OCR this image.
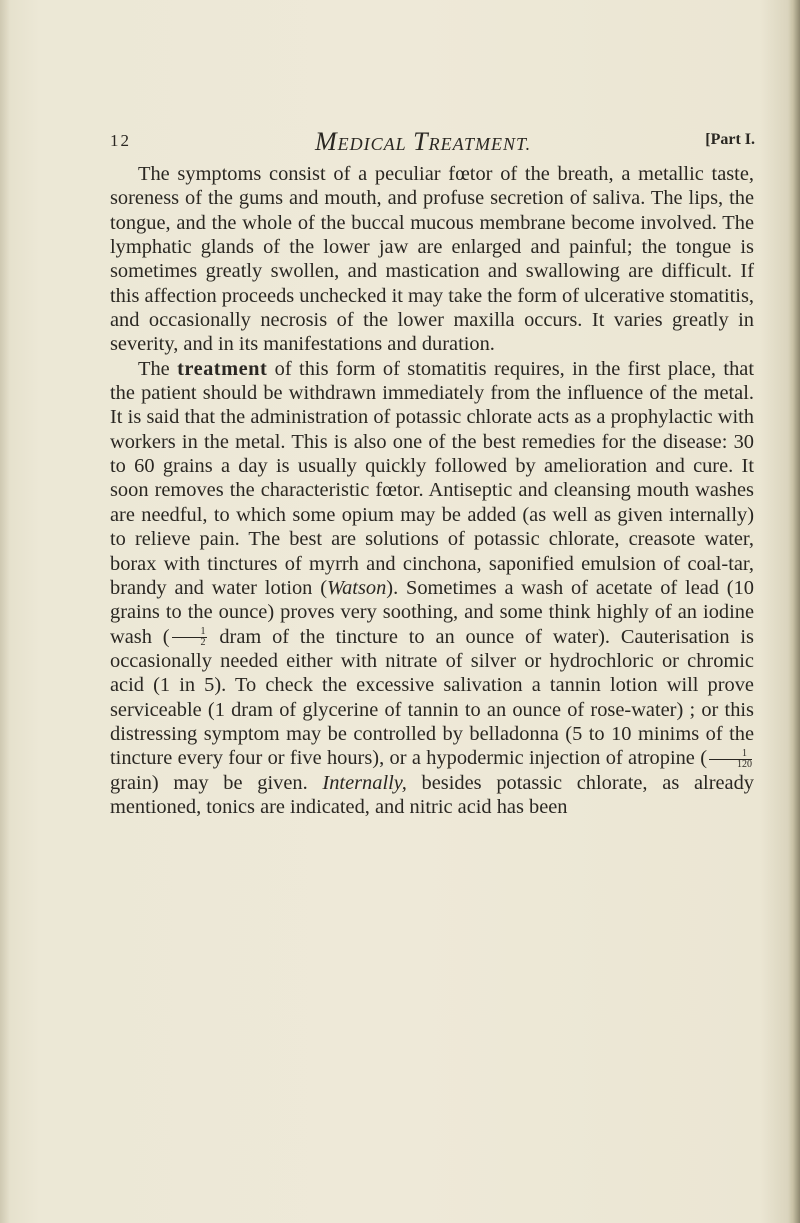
12	MEDICAL TREATMENT.	[Part I.

The symptoms consist of a peculiar fœtor of the breath, a metallic taste, soreness of the gums and mouth, and profuse secretion of saliva. The lips, the tongue, and the whole of the buccal mucous membrane become involved. The lymphatic glands of the lower jaw are enlarged and painful; the tongue is sometimes greatly swollen, and mastication and swallowing are difficult. If this affection proceeds unchecked it may take the form of ulcerative stomatitis, and occasionally necrosis of the lower maxilla occurs. It varies greatly in severity, and in its manifestations and duration.

The treatment of this form of stomatitis requires, in the first place, that the patient should be withdrawn immediately from the influence of the metal. It is said that the administration of potassic chlorate acts as a prophylactic with workers in the metal. This is also one of the best remedies for the disease: 30 to 60 grains a day is usually quickly followed by amelioration and cure. It soon removes the characteristic fœtor. Antiseptic and cleansing mouth washes are needful, to which some opium may be added (as well as given internally) to relieve pain. The best are solutions of potassic chlorate, creasote water, borax with tinctures of myrrh and cinchona, saponified emulsion of coal-tar, brandy and water lotion (Watson). Sometimes a wash of acetate of lead (10 grains to the ounce) proves very soothing, and some think highly of an iodine wash ( $\frac{1}{2}$ dram of the tincture to an ounce of water). Cauterisation is occasionally needed either with nitrate of silver or hydrochloric or chromic acid (1 in 5). To check the excessive salivation a tannin lotion will prove serviceable (1 dram of glycerine of tannin to an ounce of rose-water) ; or this distressing symptom may be controlled by belladonna (5 to 10 minims of the tincture every four or five hours), or a hypodermic injection of atropine ( $\frac{1}{120}$
grain) may be given. Internally, besides potassic chlorate, as already mentioned, tonics are indicated, and nitric acid has been
